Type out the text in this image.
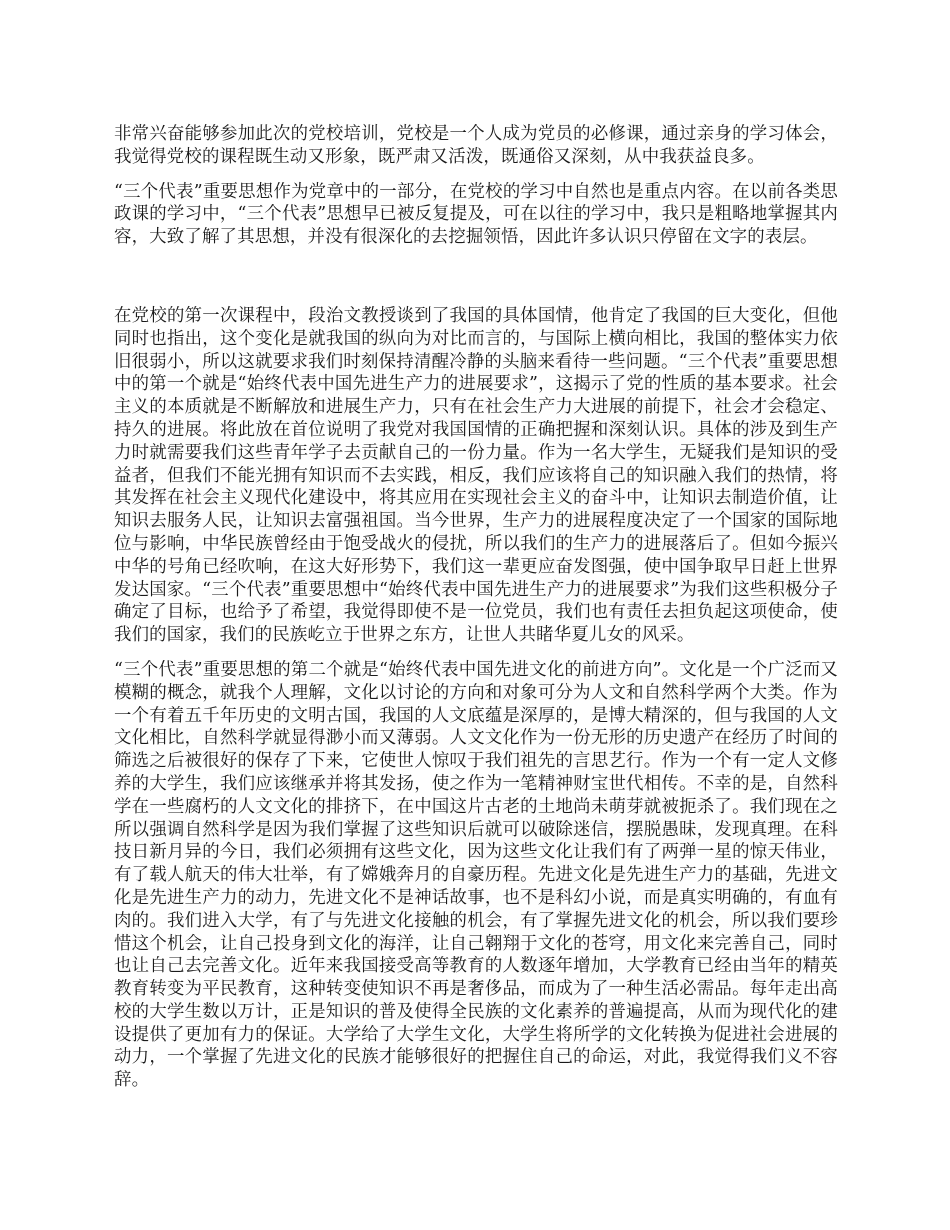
非常兴奋能够参加此次的党校培训，党校是一个人成为党员的必修课，通过亲身的学习体会，我觉得党校的课程既生动又形象，既严肃又活泼，既通俗又深刻，从中我获益良多。

“三个代表”重要思想作为党章中的一部分，在党校的学习中自然也是重点内容。在以前各类思政课的学习中，“三个代表”思想早已被反复提及，可在以往的学习中，我只是粗略地掌握其内容，大致了解了其思想，并没有很深化的去挖掘领悟，因此许多认识只停留在文字的表层。

在党校的第一次课程中，段治文教授谈到了我国的具体国情，他肯定了我国的巨大变化，但他同时也指出，这个变化是就我国的纵向为对比而言的，与国际上横向相比，我国的整体实力依旧很弱小，所以这就要求我们时刻保持清醒冷静的头脑来看待一些问题。“三个代表”重要思想中的第一个就是“始终代表中国先进生产力的进展要求”，这揭示了党的性质的基本要求。社会主义的本质就是不断解放和进展生产力，只有在社会生产力大进展的前提下，社会才会稳定、持久的进展。将此放在首位说明了我党对我国国情的正确把握和深刻认识。具体的涉及到生产力时就需要我们这些青年学子去贡献自己的一份力量。作为一名大学生，无疑我们是知识的受益者，但我们不能光拥有知识而不去实践，相反，我们应该将自己的知识融入我们的热情，将其发挥在社会主义现代化建设中，将其应用在实现社会主义的奋斗中，让知识去制造价值，让知识去服务人民，让知识去富强祖国。当今世界，生产力的进展程度决定了一个国家的国际地位与影响，中华民族曾经由于饱受战火的侵扰，所以我们的生产力的进展落后了。但如今振兴中华的号角已经吹响，在这大好形势下，我们这一辈更应奋发图强，使中国争取早日赶上世界发达国家。“三个代表”重要思想中“始终代表中国先进生产力的进展要求”为我们这些积极分子确定了目标，也给予了希望，我觉得即使不是一位党员，我们也有责任去担负起这项使命，使我们的国家，我们的民族屹立于世界之东方，让世人共睹华夏儿女的风采。

“三个代表”重要思想的第二个就是“始终代表中国先进文化的前进方向”。文化是一个广泛而又模糊的概念，就我个人理解，文化以讨论的方向和对象可分为人文和自然科学两个大类。作为一个有着五千年历史的文明古国，我国的人文底蕴是深厚的，是博大精深的，但与我国的人文文化相比，自然科学就显得渺小而又薄弱。人文文化作为一份无形的历史遗产在经历了时间的筛选之后被很好的保存了下来，它使世人惊叹于我们祖先的言思艺行。作为一个有一定人文修养的大学生，我们应该继承并将其发扬，使之作为一笔精神财宝世代相传。不幸的是，自然科学在一些腐朽的人文文化的排挤下，在中国这片古老的土地尚未萌芽就被扼杀了。我们现在之所以强调自然科学是因为我们掌握了这些知识后就可以破除迷信，摆脱愚昧，发现真理。在科技日新月异的今日，我们必须拥有这些文化，因为这些文化让我们有了两弹一星的惊天伟业，有了载人航天的伟大壮举，有了嫦娥奔月的自豪历程。先进文化是先进生产力的基础，先进文化是先进生产力的动力，先进文化不是神话故事，也不是科幻小说，而是真实明确的，有血有肉的。我们进入大学，有了与先进文化接触的机会，有了掌握先进文化的机会，所以我们要珍惜这个机会，让自己投身到文化的海洋，让自己翱翔于文化的苍穹，用文化来完善自己，同时也让自己去完善文化。近年来我国接受高等教育的人数逐年增加，大学教育已经由当年的精英教育转变为平民教育，这种转变使知识不再是奢侈品，而成为了一种生活必需品。每年走出高校的大学生数以万计，正是知识的普及使得全民族的文化素养的普遍提高，从而为现代化的建设提供了更加有力的保证。大学给了大学生文化，大学生将所学的文化转换为促进社会进展的动力，一个掌握了先进文化的民族才能够很好的把握住自己的命运，对此，我觉得我们义不容辞。
